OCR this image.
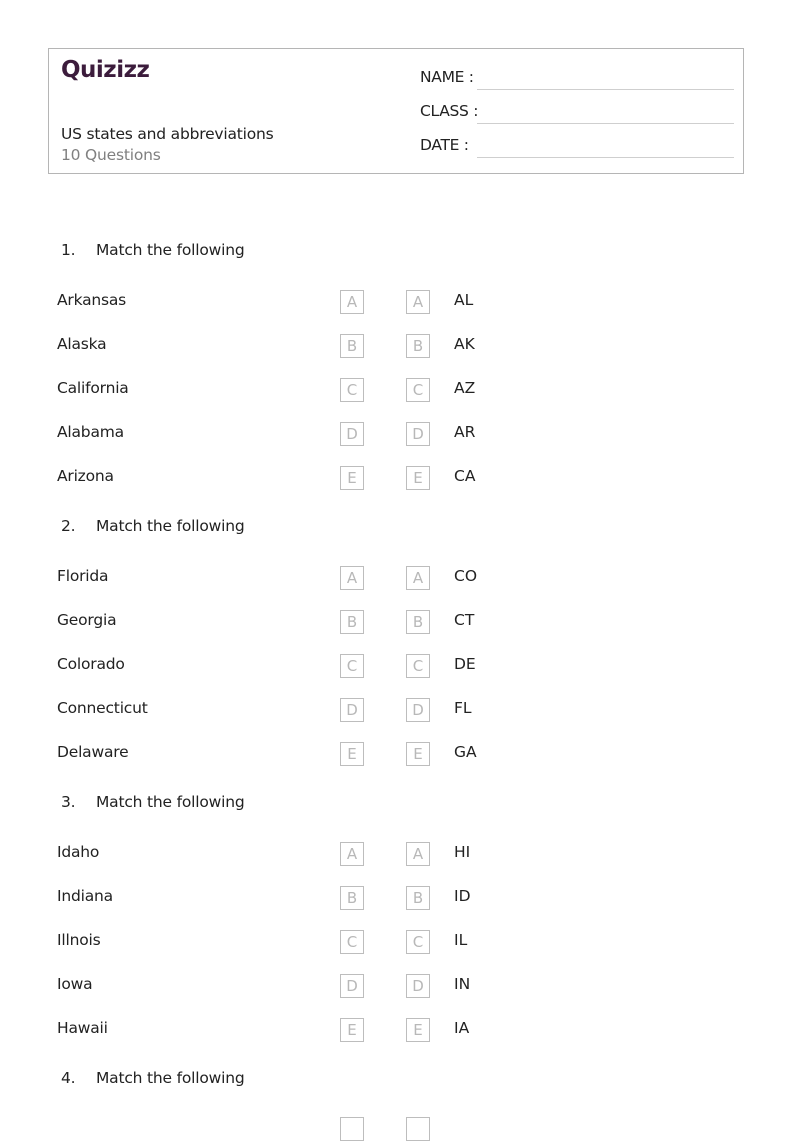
Quizizz
US states and abbreviations
10 Questions
NAME :
CLASS :
DATE :
1. Match the following
Arkansas	A	A	AL
Alaska	B	B	AK
California	C	C	AZ
Alabama	D	D	AR
Arizona	E	E	CA
2. Match the following
Florida	A	A	CO
Georgia	B	B	CT
Colorado	C	C	DE
Connecticut	D	D	FL
Delaware	E	E	GA
3. Match the following
Idaho	A	A	HI
Indiana	B	B	ID
Illnois	C	C	IL
Iowa	D	D	IN
Hawaii	E	E	IA
4. Match the following
